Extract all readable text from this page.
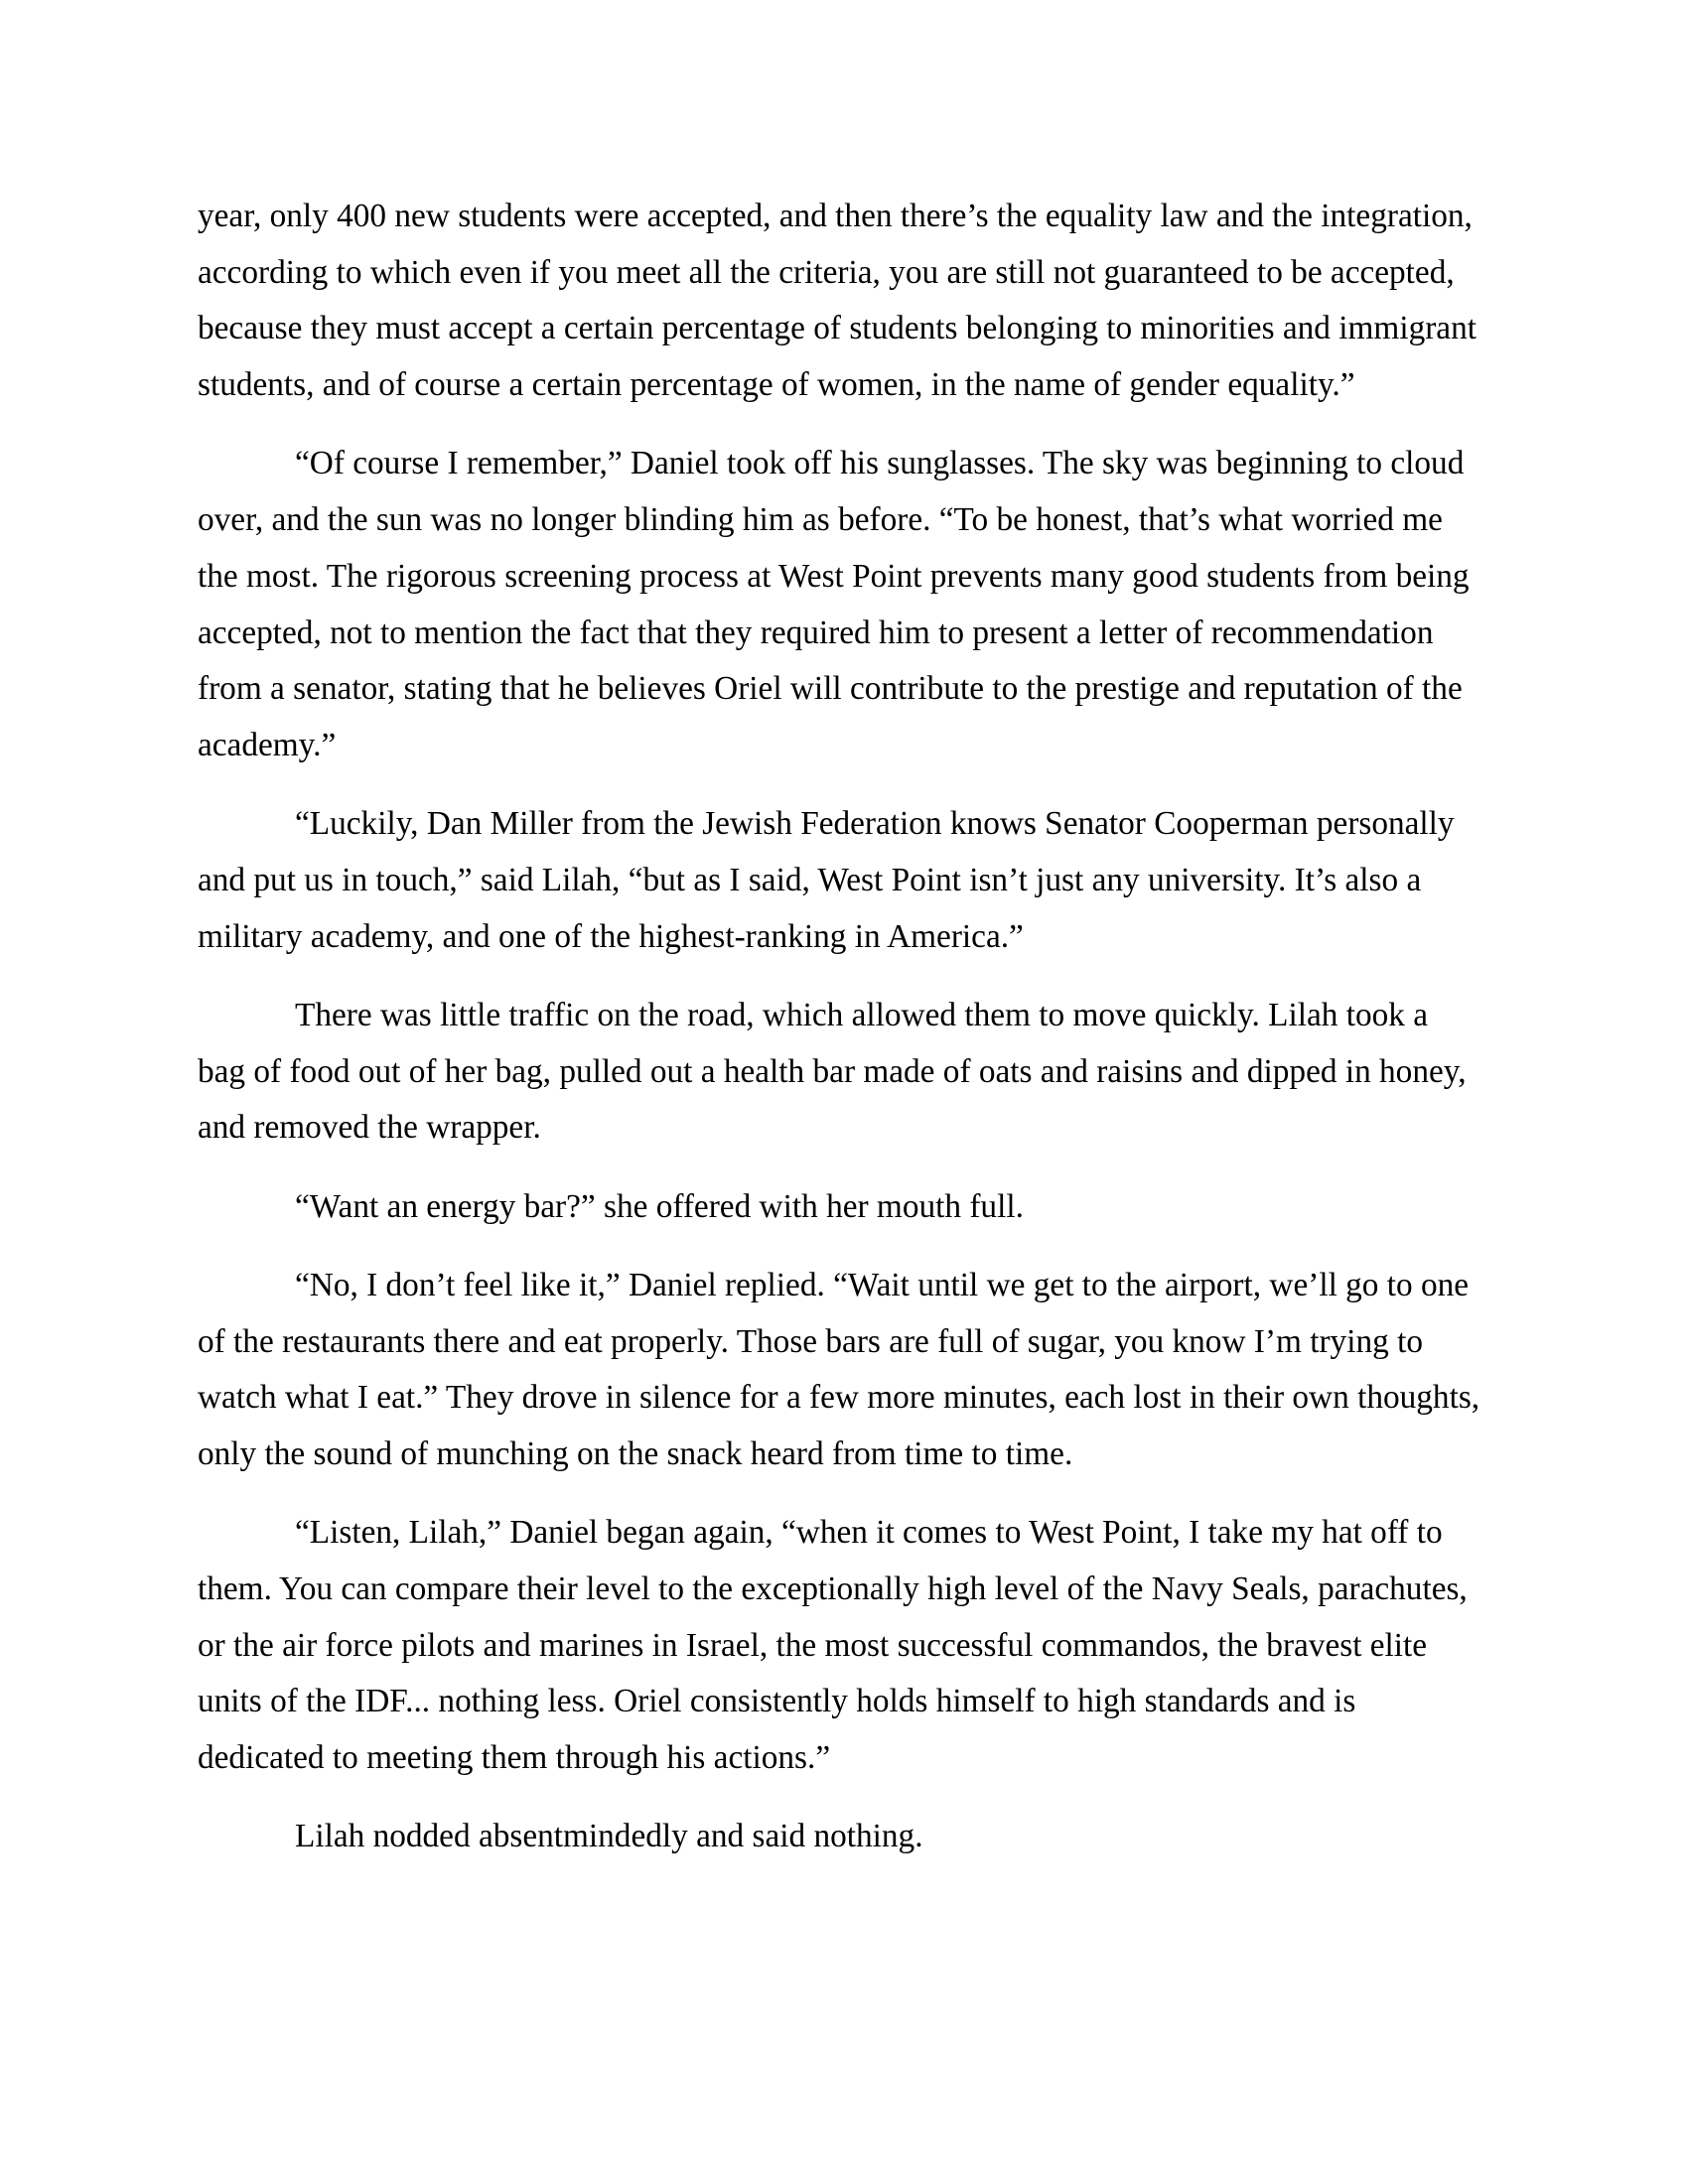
year, only 400 new students were accepted, and then there’s the equality law and the integration,
according to which even if you meet all the criteria, you are still not guaranteed to be accepted,
because they must accept a certain percentage of students belonging to minorities and immigrant
students, and of course a certain percentage of women, in the name of gender equality.”

“Of course I remember,” Daniel took off his sunglasses. The sky was beginning to cloud
over, and the sun was no longer blinding him as before. “To be honest, that’s what worried me
the most. The rigorous screening process at West Point prevents many good students from being
accepted, not to mention the fact that they required him to present a letter of recommendation
from a senator, stating that he believes Oriel will contribute to the prestige and reputation of the
academy.”

“Luckily, Dan Miller from the Jewish Federation knows Senator Cooperman personally
and put us in touch,” said Lilah, “but as I said, West Point isn’t just any university. It’s also a
military academy, and one of the highest-ranking in America.”

There was little traffic on the road, which allowed them to move quickly. Lilah took a
bag of food out of her bag, pulled out a health bar made of oats and raisins and dipped in honey,
and removed the wrapper.

“Want an energy bar?” she offered with her mouth full.

“No, I don’t feel like it,” Daniel replied. “Wait until we get to the airport, we’ll go to one
of the restaurants there and eat properly. Those bars are full of sugar, you know I’m trying to
watch what I eat.” They drove in silence for a few more minutes, each lost in their own thoughts,
only the sound of munching on the snack heard from time to time.

“Listen, Lilah,” Daniel began again, “when it comes to West Point, I take my hat off to
them. You can compare their level to the exceptionally high level of the Navy Seals, parachutes,
or the air force pilots and marines in Israel, the most successful commandos, the bravest elite
units of the IDF... nothing less. Oriel consistently holds himself to high standards and is
dedicated to meeting them through his actions.”

Lilah nodded absentmindedly and said nothing.
